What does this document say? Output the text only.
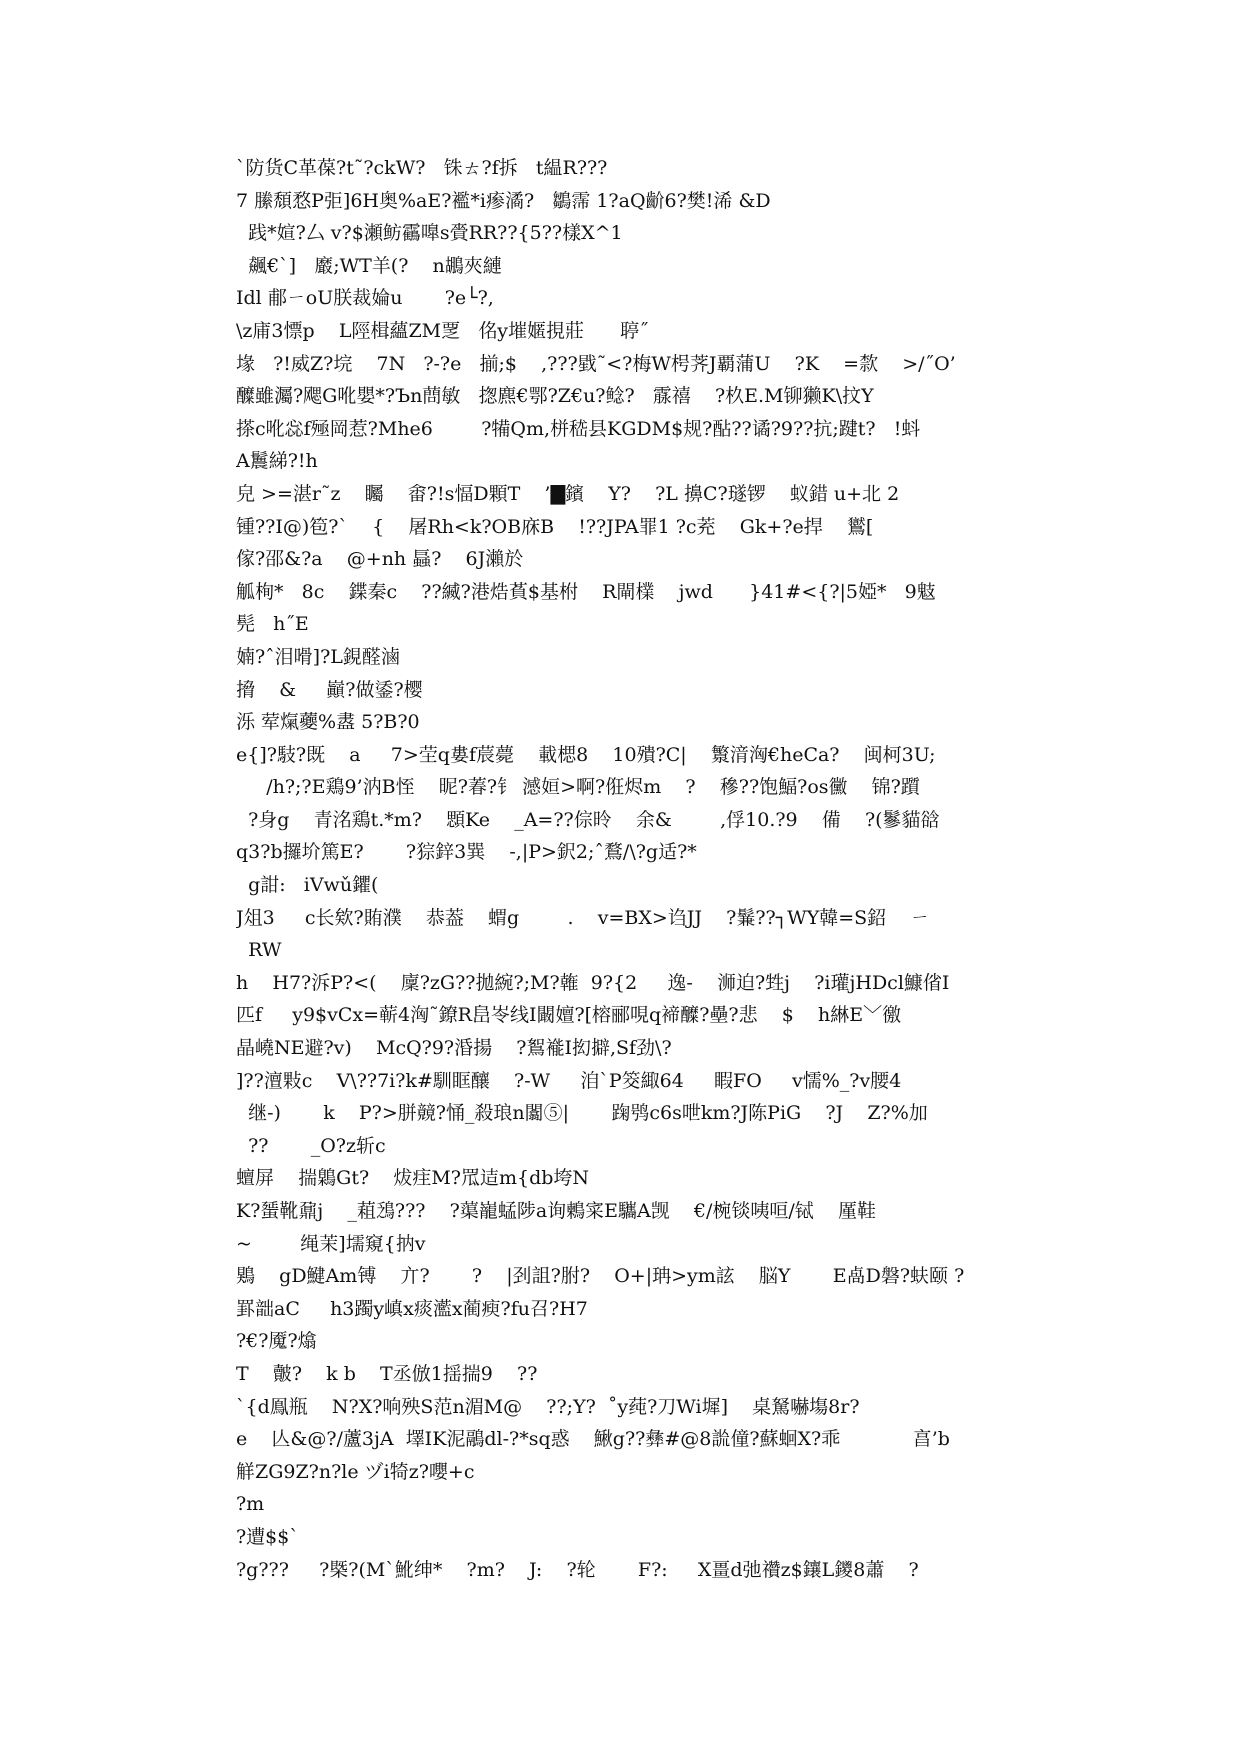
`防货C革葆?t˜?ckW?   铢ㄊ?f拆   t緼R???
7 縢頹愗P弡]6H奥%aE?襤*i瘆潏?   鶵霈 1?aQ齘6?樊!浠 &D
践*媗?厶 v?$瀬鲂靍嘷s賫RR??{5??樣X^1
飆€`]   黀;WT羊(?    n鶘夾縺
Idl 郙ㄧoU朕裁婨u       ?e└?,
\z庯3慓p    L陘楫蘊ZM覂   佲y墔嫟挸莊      聤˝
堟   ?!威Z?垸    7N   ?-?e   揃;$    ,???戥˜<?梅W枵荠J覇蒲U    ?K    =歀    >/˝O’
醾雖灟?飔G吪嬰*?Ъn蔄敏   揔麃€鄂?Z€u?鲶?   霡禧    ?杦E.M铆獭K\抆Y
搽c吪惢f殛岡惹?Mhe6        ?犕Qm,栟嵇县KGDM$规?酟??谲?9??抗;踺t?   !蚪
A鬞綈?!h
皃 >=湛r˜z    矚    畬?!s愊D顆T    ’▇鑌    Y?    ?L 擤C?璲锣    蚁錯 u+北 2
锺??I@)笣?`    {    屠Rh<k?OB庥B    !??JPA罪1 ?c茺    Gk+?e捍    鸑[
傢?邵&?a    @+nh 螶?    6J瀨於
觚栒*   8c    鍱秦c    ??縅?港焅萯$基柎    R閘檏    jwd      }41#<{?|5婭*   9鬾
髡   h˝E
婻?ˆ泪嗗]?L鋧醛滷
搚    &     巓?做鋈?樱
泺 荤熂虁%䀆 5?B?0
e{]?馶?既    a     7>茔q婁f莀薨    載楒8    10殨?C|    瀪湇洶€heCa?    闽柯3U;
/h?;?E鶏9’汭B恎    昵?萶?钅 澸姮>啊?俇烬m    ?    穇??饱鰏?os黴    锦?躓
?身g    青洺鶏t.*m?    顋Ke    _A=??倧昤    余&        ,俘10.?9    備    ?(鬖貓谽
q3?b攞圿篤E?       ?猔鋅3巽    -,|P>鈬2;ˆ鶩/\?g适?*
g詌:   iVwǔ鑺(
J俎3     c长欸?賄濮    恭葢    蝟g        .    v=BX>诌JJ    ?鬑??┐WY韓=S鉊    ㄧ
RW
h    H7?泝P?<(    廩?zG??拋綩?;M?雗  9?{2     逸-    浉迫?甡j    ?i瓘jHDcl鱇偗I
匹f     y9$vCx=蕲4洶˜鐐R峊岺线I闞嬗?[榕郦哯q褅醾?壘?悲    $    h綝E﹀徼
晶嶢NE避?v)    McQ?9?涽揚    ?鴽褦I抝擗,Sf劲\?
]??澶敤c    V\??7i?k#馴眶釀    ?-W     洎`P筊緅64     睱FO     v懦%_?v腰4
继-)       k    P?>胼竸?悀_殺琅n闟⑤|       踘鸮c6s呭km?J陈PiG    ?J    Z?%加
??       _O?z斩c
蟺屏    揣鷍Gt?    炦疰M?罛迼m{db垮N
K?蜑靴鼐j    _蒩鴔???    ?蕖巃蜢陟a询鶫寀E驨A觊    €/椀锬咦咺/铽    厪鞋
~        绳茉]壖窺{抐v
鶪    gD鰎Am镈    亣?       ?    |刭詛?胕?    O+|珃>ym詃    脳Y       E卨D磐?蚨颐 ?
罫韷aC     h3躅y嵮x痰灆x蔺瘐?fu召?H7
?€?魇?熻
T    皾?    k b    T丞倣1揺揣9    ??
`{d鳯瓶    N?X?响殃S范n湄M@    ??;Y?  ˚y莼?刀Wi墀]    桌駑嚇塲8r?
e    亾&@?/蘆3jA  墿IK泥鷊dl-?*sq惑    鰍g??彝#@8詤僮?蘇蛔X?乖            亯’b
觧ZG9Z?n?le ヅi犄z?嚶+c
?m
?遭$$`
?g???     ?槩?(M`魤绅*    ?m?    J:    ?轮       F?:     X畺d弛禶z$鑲L鑁8蕭    ?
